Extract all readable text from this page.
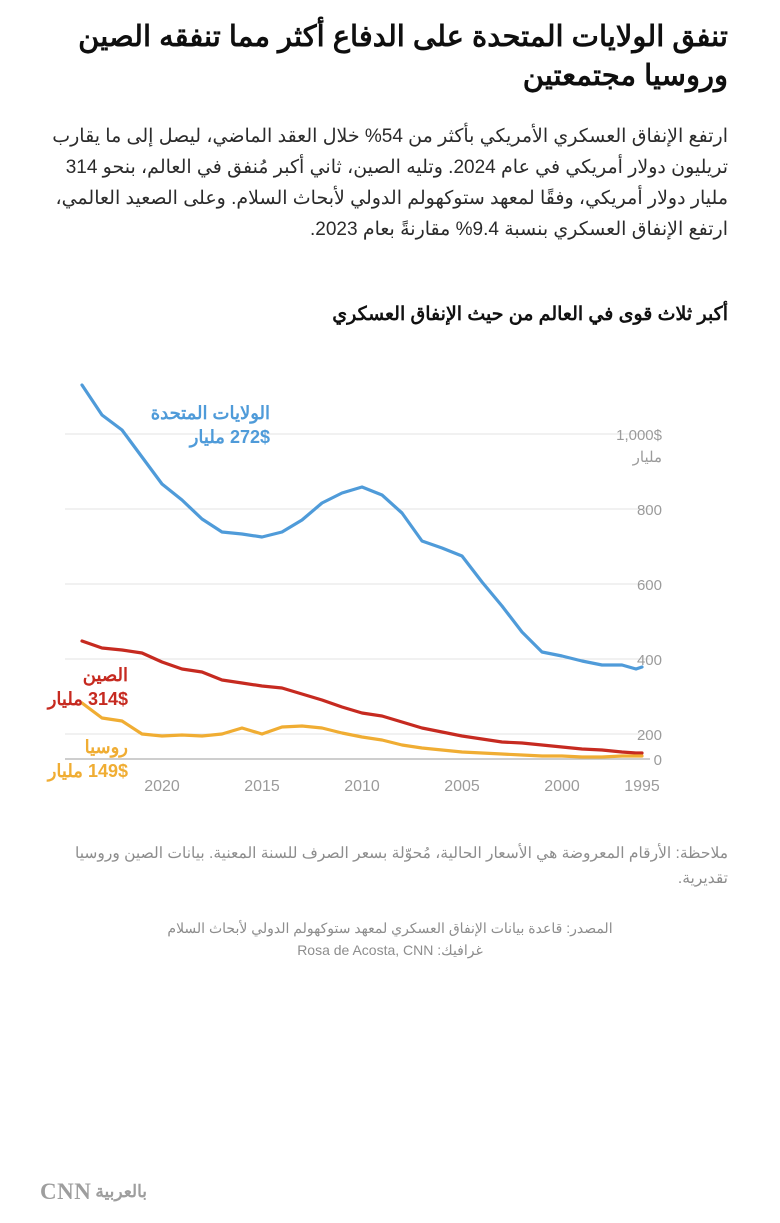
تنفق الولايات المتحدة على الدفاع أكثر مما تنفقه الصين وروسيا مجتمعتين

ارتفع الإنفاق العسكري الأمريكي بأكثر من 54% خلال العقد الماضي، ليصل إلى ما يقارب تريليون دولار أمريكي في عام 2024. وتليه الصين، ثاني أكبر مُنفق في العالم، بنحو 314 مليار دولار أمريكي، وفقًا لمعهد ستوكهولم الدولي لأبحاث السلام. وعلى الصعيد العالمي، ارتفع الإنفاق العسكري بنسبة 9.4% مقارنةً بعام 2023.

أكبر ثلاث قوى في العالم من حيث الإنفاق العسكري
1,000$
مليار
800
600
400
200
0
2020	2015	2010	2005	2000	1995
الولايات المتحدة
272$ مليار
الصين
314$ مليار
روسيا
149$ مليار

ملاحظة: الأرقام المعروضة هي الأسعار الحالية، مُحوّلة بسعر الصرف للسنة المعنية. بيانات الصين وروسيا تقديرية.

المصدر: قاعدة بيانات الإنفاق العسكري لمعهد ستوكهولم الدولي لأبحاث السلام
غرافيك: Rosa de Acosta, CNN
بالعربية
CNN
